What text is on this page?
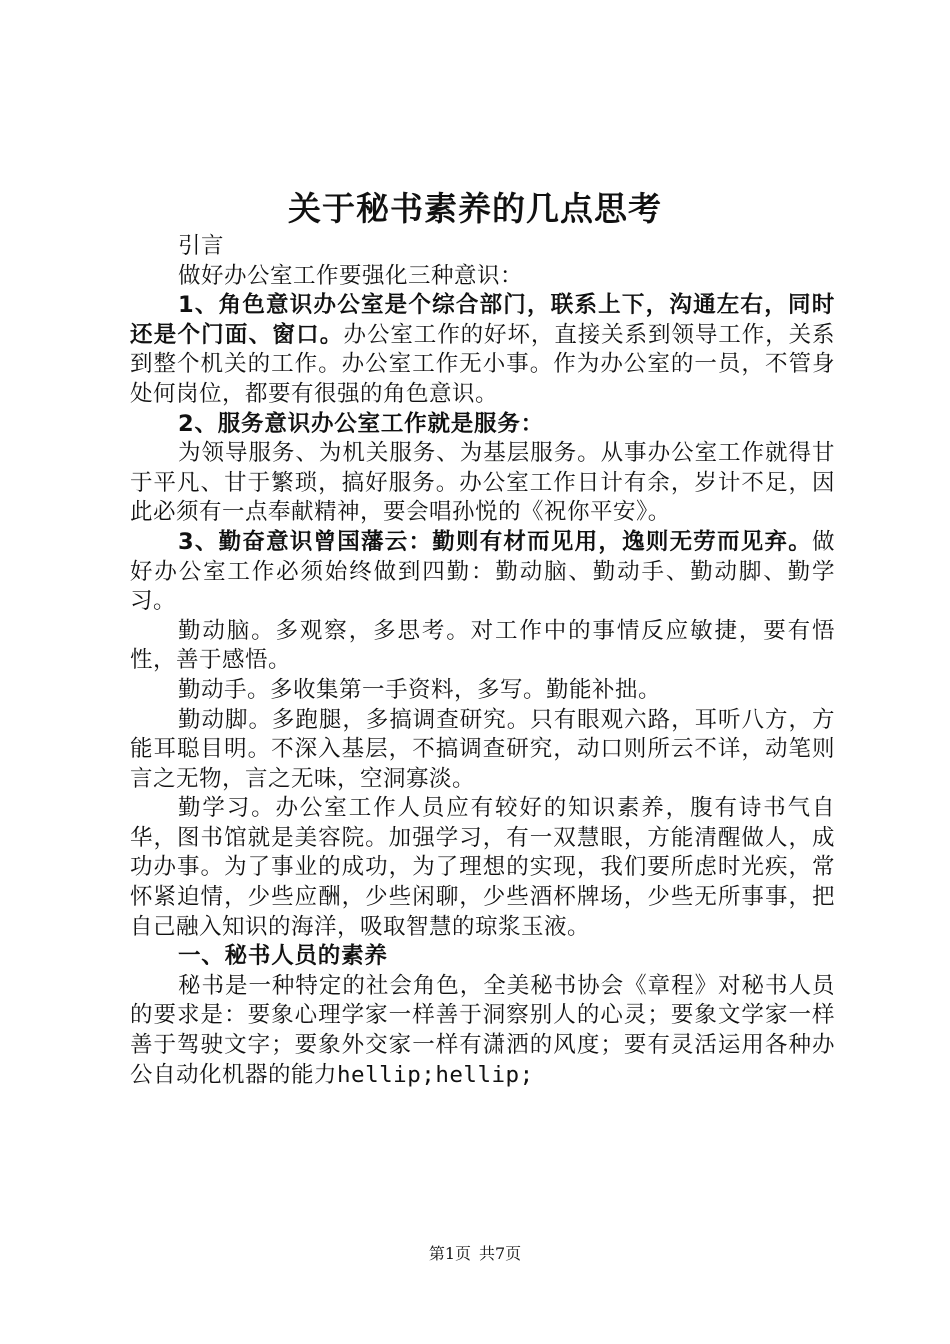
关于秘书素养的几点思考

引言

做好办公室工作要强化三种意识：

1、角色意识办公室是个综合部门，联系上下，沟通左右，同时还是个门面、窗口。办公室工作的好坏，直接关系到领导工作，关系到整个机关的工作。办公室工作无小事。作为办公室的一员，不管身处何岗位，都要有很强的角色意识。

2、服务意识办公室工作就是服务：

为领导服务、为机关服务、为基层服务。从事办公室工作就得甘于平凡、甘于繁琐，搞好服务。办公室工作日计有余，岁计不足，因此必须有一点奉献精神，要会唱孙悦的《祝你平安》。

3、勤奋意识曾国藩云：勤则有材而见用，逸则无劳而见弃。做好办公室工作必须始终做到四勤：勤动脑、勤动手、勤动脚、勤学习。

勤动脑。多观察，多思考。对工作中的事情反应敏捷，要有悟性，善于感悟。

勤动手。多收集第一手资料，多写。勤能补拙。

勤动脚。多跑腿，多搞调查研究。只有眼观六路，耳听八方，方能耳聪目明。不深入基层，不搞调查研究，动口则所云不详，动笔则言之无物，言之无味，空洞寡淡。

勤学习。办公室工作人员应有较好的知识素养，腹有诗书气自华，图书馆就是美容院。加强学习，有一双慧眼，方能清醒做人，成功办事。为了事业的成功，为了理想的实现，我们要所虑时光疾，常怀紧迫情，少些应酬，少些闲聊，少些酒杯牌场，少些无所事事，把自己融入知识的海洋，吸取智慧的琼浆玉液。

一、秘书人员的素养

秘书是一种特定的社会角色，全美秘书协会《章程》对秘书人员的要求是：要象心理学家一样善于洞察别人的心灵；要象文学家一样善于驾驶文字；要象外交家一样有潇洒的风度；要有灵活运用各种办公自动化机器的能力hellip;hellip;

第1页 共7页
